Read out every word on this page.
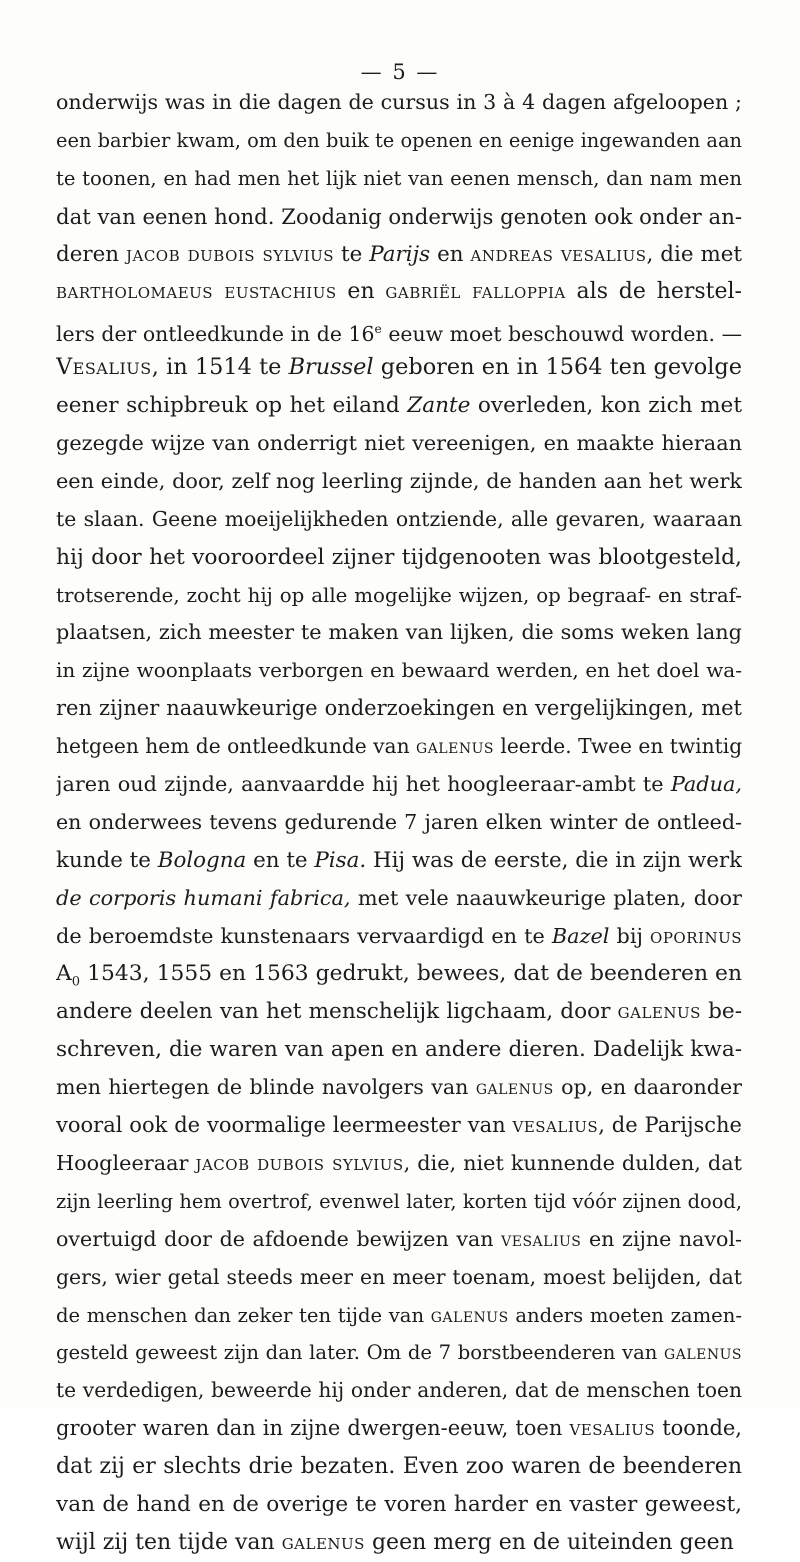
— 5 —
onderwijs was in die dagen de cursus in 3 à 4 dagen afgeloopen ;
een barbier kwam, om den buik te openen en eenige ingewanden aan
te toonen, en had men het lijk niet van eenen mensch, dan nam men
dat van eenen hond. Zoodanig onderwijs genoten ook onder an-
deren jacob dubois sylvius te Parijs en andreas vesalius, die met
bartholomaeus eustachius en gabriël falloppia als de herstel-
lers der ontleedkunde in de 16e eeuw moet beschouwd worden. —
Vesalius, in 1514 te Brussel geboren en in 1564 ten gevolge
eener schipbreuk op het eiland Zante overleden, kon zich met
gezegde wijze van onderrigt niet vereenigen, en maakte hieraan
een einde, door, zelf nog leerling zijnde, de handen aan het werk
te slaan. Geene moeijelijkheden ontziende, alle gevaren, waaraan
hij door het vooroordeel zijner tijdgenooten was blootgesteld,
trotserende, zocht hij op alle mogelijke wijzen, op begraaf- en straf-
plaatsen, zich meester te maken van lijken, die soms weken lang
in zijne woonplaats verborgen en bewaard werden, en het doel wa-
ren zijner naauwkeurige onderzoekingen en vergelijkingen, met
hetgeen hem de ontleedkunde van galenus leerde. Twee en twintig
jaren oud zijnde, aanvaardde hij het hoogleeraar-ambt te Padua,
en onderwees tevens gedurende 7 jaren elken winter de ontleed-
kunde te Bologna en te Pisa. Hij was de eerste, die in zijn werk
de corporis humani fabrica, met vele naauwkeurige platen, door
de beroemdste kunstenaars vervaardigd en te Bazel bij oporinus
$A_0$ 1543, 1555 en 1563 gedrukt, bewees, dat de beenderen en
andere deelen van het menschelijk ligchaam, door galenus be-
schreven, die waren van apen en andere dieren. Dadelijk kwa-
men hiertegen de blinde navolgers van galenus op, en daaronder
vooral ook de voormalige leermeester van vesalius, de Parijsche
Hoogleeraar jacob dubois sylvius, die, niet kunnende dulden, dat
zijn leerling hem overtrof, evenwel later, korten tijd vóór zijnen dood,
overtuigd door de afdoende bewijzen van vesalius en zijne navol-
gers, wier getal steeds meer en meer toenam, moest belijden, dat
de menschen dan zeker ten tijde van galenus anders moeten zamen-
gesteld geweest zijn dan later. Om de 7 borstbeenderen van galenus
te verdedigen, beweerde hij onder anderen, dat de menschen toen
grooter waren dan in zijne dwergen-eeuw, toen vesalius toonde,
dat zij er slechts drie bezaten. Even zoo waren de beenderen
van de hand en de overige te voren harder en vaster geweest,
wijl zij ten tijde van galenus geen merg en de uiteinden geen
